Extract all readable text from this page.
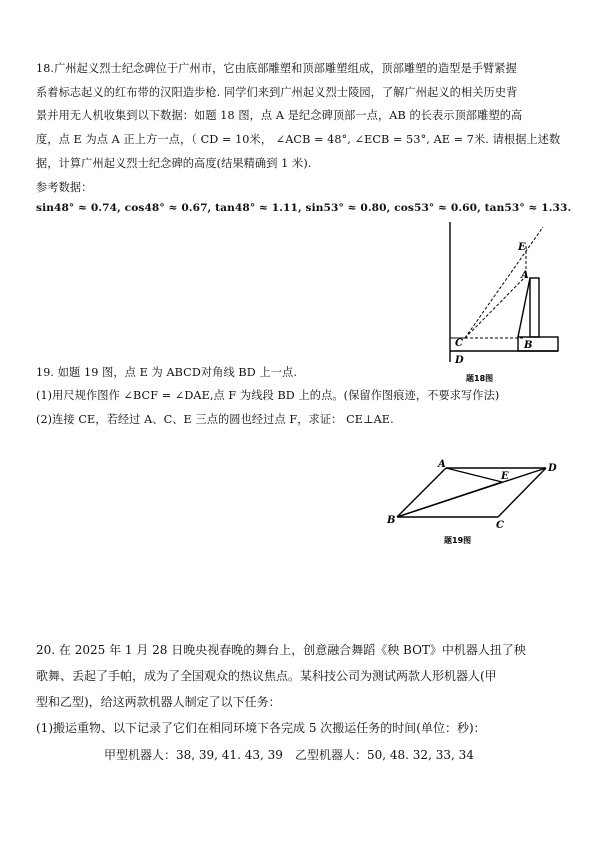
18.广州起义烈士纪念碑位于广州市，它由底部雕塑和顶部雕塑组成，顶部雕塑的造型是手臂紧握
系着标志起义的红布带的汉阳造步枪. 同学们来到广州起义烈士陵园，了解广州起义的相关历史背
景并用无人机收集到以下数据：如题 18 图，点 A 是纪念碑顶部一点，AB 的长表示顶部雕塑的高
度，点 E 为点 A 正上方一点，（ CD = 10米， ∠ACB = 48°, ∠ECB = 53°, AE = 7米. 请根据上述数
据，计算广州起义烈士纪念碑的高度(结果精确到 1 米).
参考数据：
sin48° ≈ 0.74, cos48° ≈ 0.67, tan48° ≈ 1.11, sin53° ≈ 0.80, cos53° ≈ 0.60, tan53° ≈ 1.33.
E
A
C	B
D
题18图
19. 如题 19 图，点 E 为 ABCD对角线 BD 上一点.
(1)用尺规作图作 ∠BCF = ∠DAE,点 F 为线段 BD 上的点。(保留作图痕迹，不要求写作法)
(2)连接 CE，若经过 A、C、E 三点的圆也经过点 F，求证： CE⊥AE.
A
E
D
B	C
题19图
20. 在 2025 年 1 月 28 日晚央视春晚的舞台上，创意融合舞蹈《秧 BOT》中机器人扭了秧
歌舞、丢起了手帕，成为了全国观众的热议焦点。某科技公司为测试两款人形机器人(甲
型和乙型)，给这两款机器人制定了以下任务：
(1)搬运重物、以下记录了它们在相同环境下各完成 5 次搬运任务的时间(单位：秒)：
甲型机器人：38, 39, 41. 43, 39 乙型机器人：50, 48. 32, 33, 34
